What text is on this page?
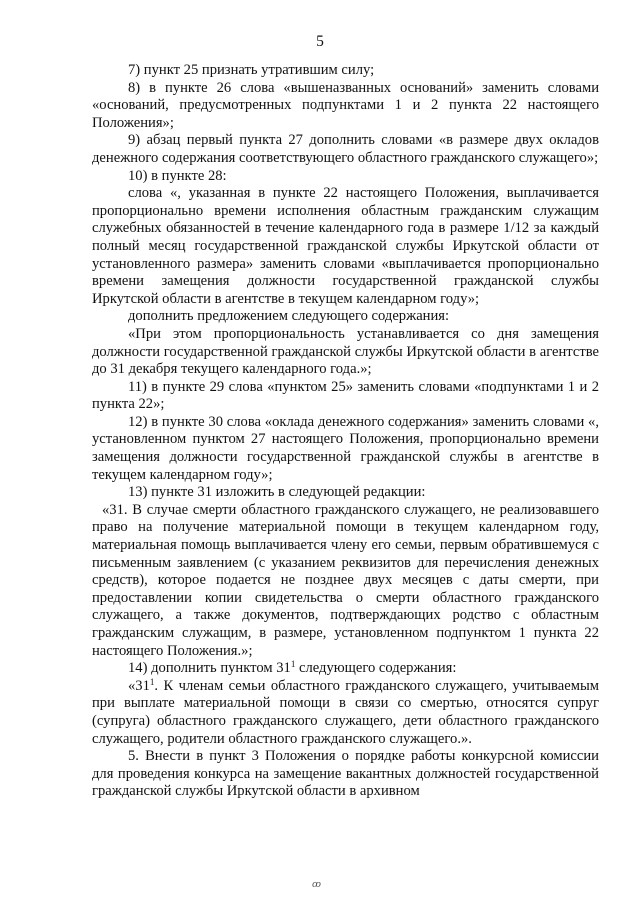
5

7) пункт 25 признать утратившим силу;

8) в пункте 26 слова «вышеназванных оснований» заменить словами «оснований, предусмотренных подпунктами 1 и 2 пункта 22 настоящего Положения»;

9) абзац первый пункта 27 дополнить словами «в размере двух окладов денежного содержания соответствующего областного гражданского служащего»;

10) в пункте 28:

слова «, указанная в пункте 22 настоящего Положения, выплачивается пропорционально времени исполнения областным гражданским служащим служебных обязанностей в течение календарного года в размере 1/12 за каждый полный месяц государственной гражданской службы Иркутской области от установленного размера» заменить словами «выплачивается пропорционально времени замещения должности государственной гражданской службы Иркутской области в агентстве в текущем календарном году»;

дополнить предложением следующего содержания:

«При этом пропорциональность устанавливается со дня замещения должности государственной гражданской службы Иркутской области в агентстве до 31 декабря текущего календарного года.»;

11) в пункте 29 слова «пунктом 25» заменить словами «подпунктами 1 и 2 пункта 22»;

12) в пункте 30 слова «оклада денежного содержания» заменить словами «, установленном пунктом 27 настоящего Положения, пропорционально времени замещения должности государственной гражданской службы в агентстве в текущем календарном году»;

13) пункте 31 изложить в следующей редакции:

«31. В случае смерти областного гражданского служащего, не реализовавшего право на получение материальной помощи в текущем календарном году, материальная помощь выплачивается члену его семьи, первым обратившемуся с письменным заявлением (с указанием реквизитов для перечисления денежных средств), которое подается не позднее двух месяцев с даты смерти, при предоставлении копии свидетельства о смерти областного гражданского служащего, а также документов, подтверждающих родство с областным гражданским служащим, в размере, установленном подпунктом 1 пункта 22 настоящего Положения.»;

14) дополнить пунктом $31^1$ следующего содержания:

«$31^1$. К членам семьи областного гражданского служащего, учитываемым при выплате материальной помощи в связи со смертью, относятся супруг (супруга) областного гражданского служащего, дети областного гражданского служащего, родители областного гражданского служащего.».

5. Внести в пункт 3 Положения о порядке работы конкурсной комиссии для проведения конкурса на замещение вакантных должностей государственной гражданской службы Иркутской области в архивном

ꝏ
